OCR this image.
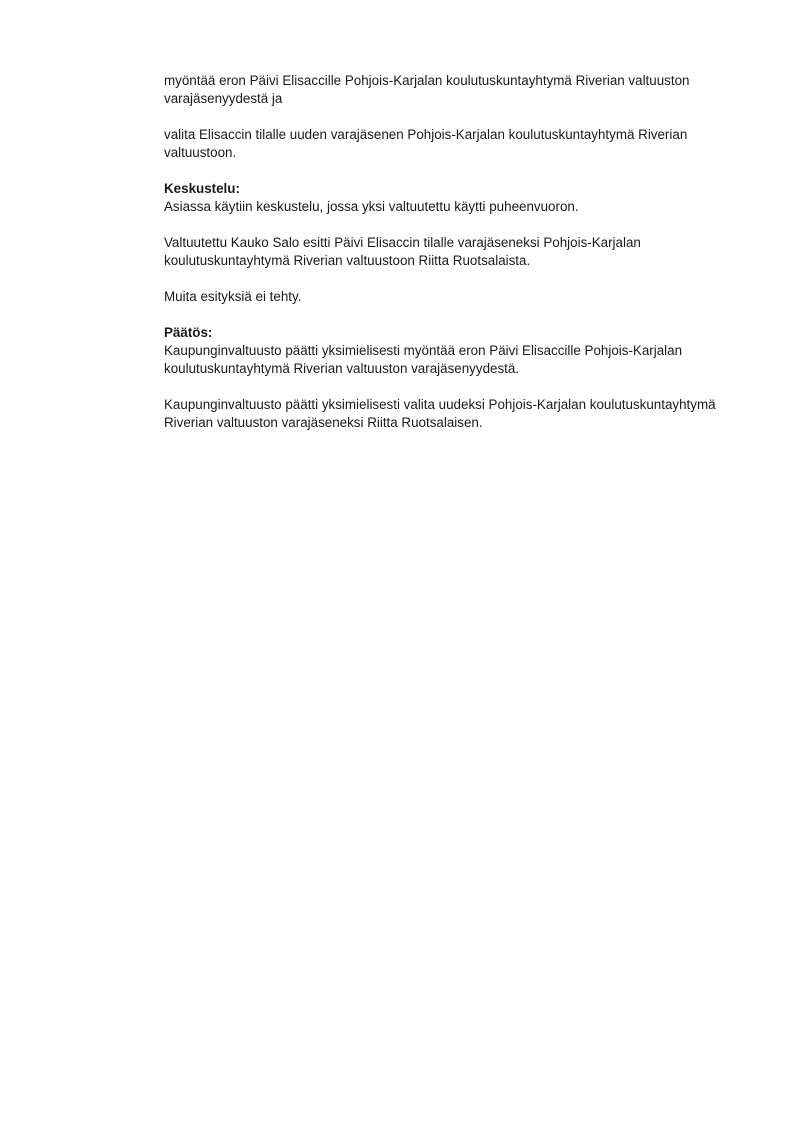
myöntää eron Päivi Elisaccille Pohjois-Karjalan koulutuskuntayhtymä Riverian valtuuston varajäsenyydestä ja

valita Elisaccin tilalle uuden varajäsenen Pohjois-Karjalan koulutuskuntayhtymä Riverian valtuustoon.

Keskustelu:

Asiassa käytiin keskustelu, jossa yksi valtuutettu käytti puheenvuoron.

Valtuutettu Kauko Salo esitti Päivi Elisaccin tilalle varajäseneksi Pohjois-Karjalan koulutuskuntayhtymä Riverian valtuustoon Riitta Ruotsalaista.

Muita esityksiä ei tehty.

Päätös:

Kaupunginvaltuusto päätti yksimielisesti myöntää eron Päivi Elisaccille Pohjois-Karjalan koulutuskuntayhtymä Riverian valtuuston varajäsenyydestä.

Kaupunginvaltuusto päätti yksimielisesti valita uudeksi Pohjois-Karjalan koulutuskuntayhtymä Riverian valtuuston varajäseneksi Riitta Ruotsalaisen.
